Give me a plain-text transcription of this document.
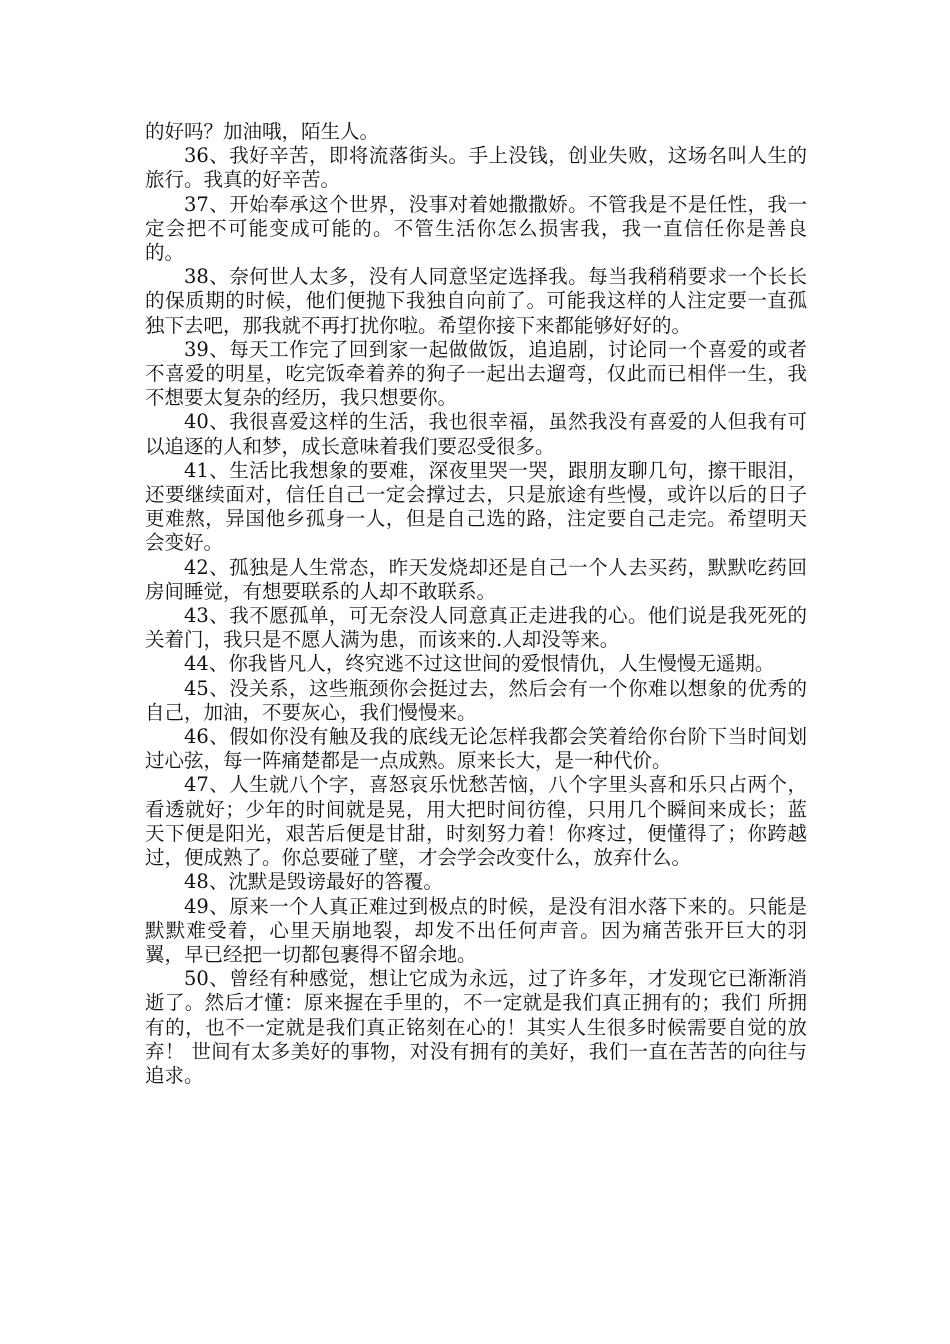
的好吗？加油哦，陌生人。

36、我好辛苦，即将流落街头。手上没钱，创业失败，这场名叫人生的旅行。我真的好辛苦。

37、开始奉承这个世界，没事对着她撒撒娇。不管我是不是任性，我一定会把不可能变成可能的。不管生活你怎么损害我，我一直信任你是善良的。

38、奈何世人太多，没有人同意坚定选择我。每当我稍稍要求一个长长的保质期的时候，他们便抛下我独自向前了。可能我这样的人注定要一直孤独下去吧，那我就不再打扰你啦。希望你接下来都能够好好的。

39、每天工作完了回到家一起做做饭，追追剧，讨论同一个喜爱的或者不喜爱的明星，吃完饭牵着养的狗子一起出去遛弯，仅此而已相伴一生，我不想要太复杂的经历，我只想要你。

40、我很喜爱这样的生活，我也很幸福，虽然我没有喜爱的人但我有可以追逐的人和梦，成长意味着我们要忍受很多。

41、生活比我想象的要难，深夜里哭一哭，跟朋友聊几句，擦干眼泪，还要继续面对，信任自己一定会撑过去，只是旅途有些慢，或许以后的日子更难熬，异国他乡孤身一人，但是自己选的路，注定要自己走完。希望明天会变好。

42、孤独是人生常态，昨天发烧却还是自己一个人去买药，默默吃药回房间睡觉，有想要联系的人却不敢联系。

43、我不愿孤单，可无奈没人同意真正走进我的心。他们说是我死死的关着门，我只是不愿人满为患，而该来的.人却没等来。

44、你我皆凡人，终究逃不过这世间的爱恨情仇，人生慢慢无遥期。

45、没关系，这些瓶颈你会挺过去，然后会有一个你难以想象的优秀的自己，加油，不要灰心，我们慢慢来。

46、假如你没有触及我的底线无论怎样我都会笑着给你台阶下当时间划过心弦，每一阵痛楚都是一点成熟。原来长大，是一种代价。

47、人生就八个字，喜怒哀乐忧愁苦恼，八个字里头喜和乐只占两个，看透就好；少年的时间就是晃，用大把时间彷徨，只用几个瞬间来成长；蓝天下便是阳光，艰苦后便是甘甜，时刻努力着！你疼过，便懂得了；你跨越过，便成熟了。你总要碰了壁，才会学会改变什么，放弃什么。

48、沈默是毁谤最好的答覆。

49、原来一个人真正难过到极点的时候，是没有泪水落下来的。只能是默默难受着，心里天崩地裂，却发不出任何声音。因为痛苦张开巨大的羽翼，早已经把一切都包裹得不留余地。

50、曾经有种感觉，想让它成为永远，过了许多年，才发现它已渐渐消逝了。然后才懂：原来握在手里的，不一定就是我们真正拥有的；我们 所拥有的，也不一定就是我们真正铭刻在心的！其实人生很多时候需要自觉的放弃！ 世间有太多美好的事物，对没有拥有的美好，我们一直在苦苦的向往与追求。
